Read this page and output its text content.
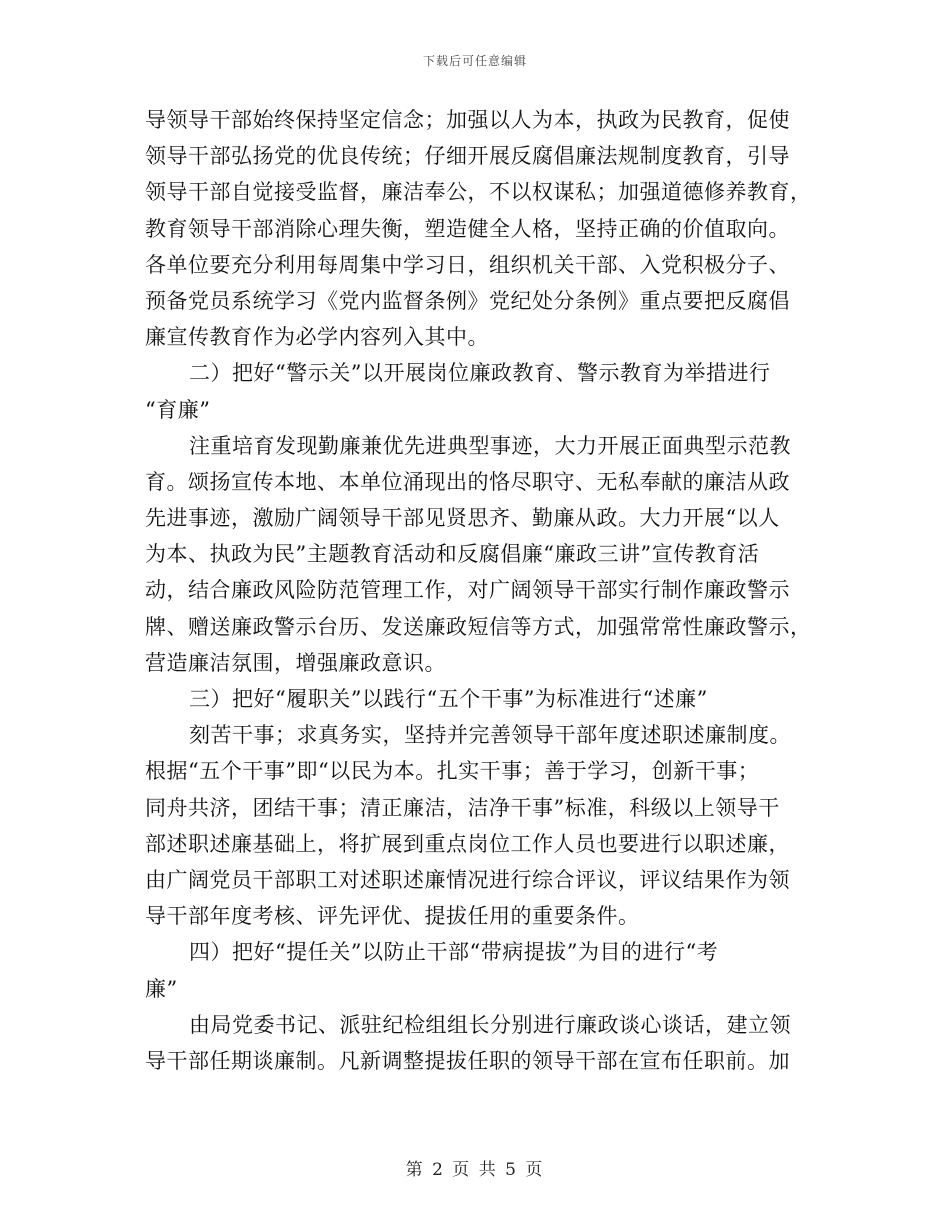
下载后可任意编辑
导领导干部始终保持坚定信念；加强以人为本，执政为民教育，促使
领导干部弘扬党的优良传统；仔细开展反腐倡廉法规制度教育，引导
领导干部自觉接受监督，廉洁奉公，不以权谋私；加强道德修养教育，
教育领导干部消除心理失衡，塑造健全人格，坚持正确的价值取向。
各单位要充分利用每周集中学习日，组织机关干部、入党积极分子、
预备党员系统学习《党内监督条例》党纪处分条例》重点要把反腐倡
廉宣传教育作为必学内容列入其中。
二）把好“警示关”以开展岗位廉政教育、警示教育为举措进行
“育廉”
注重培育发现勤廉兼优先进典型事迹，大力开展正面典型示范教
育。颂扬宣传本地、本单位涌现出的恪尽职守、无私奉献的廉洁从政
先进事迹，激励广阔领导干部见贤思齐、勤廉从政。大力开展“以人
为本、执政为民”主题教育活动和反腐倡廉“廉政三讲”宣传教育活
动，结合廉政风险防范管理工作，对广阔领导干部实行制作廉政警示
牌、赠送廉政警示台历、发送廉政短信等方式，加强常常性廉政警示，
营造廉洁氛围，增强廉政意识。
三）把好“履职关”以践行“五个干事”为标准进行“述廉”
刻苦干事；求真务实，坚持并完善领导干部年度述职述廉制度。
根据“五个干事”即“以民为本。扎实干事；善于学习，创新干事；
同舟共济，团结干事；清正廉洁，洁净干事”标准，科级以上领导干
部述职述廉基础上，将扩展到重点岗位工作人员也要进行以职述廉，
由广阔党员干部职工对述职述廉情况进行综合评议，评议结果作为领
导干部年度考核、评先评优、提拔任用的重要条件。
四）把好“提任关”以防止干部“带病提拔”为目的进行“考
廉”
由局党委书记、派驻纪检组组长分别进行廉政谈心谈话，建立领
导干部任期谈廉制。凡新调整提拔任职的领导干部在宣布任职前。加
第 2 页 共 5 页
